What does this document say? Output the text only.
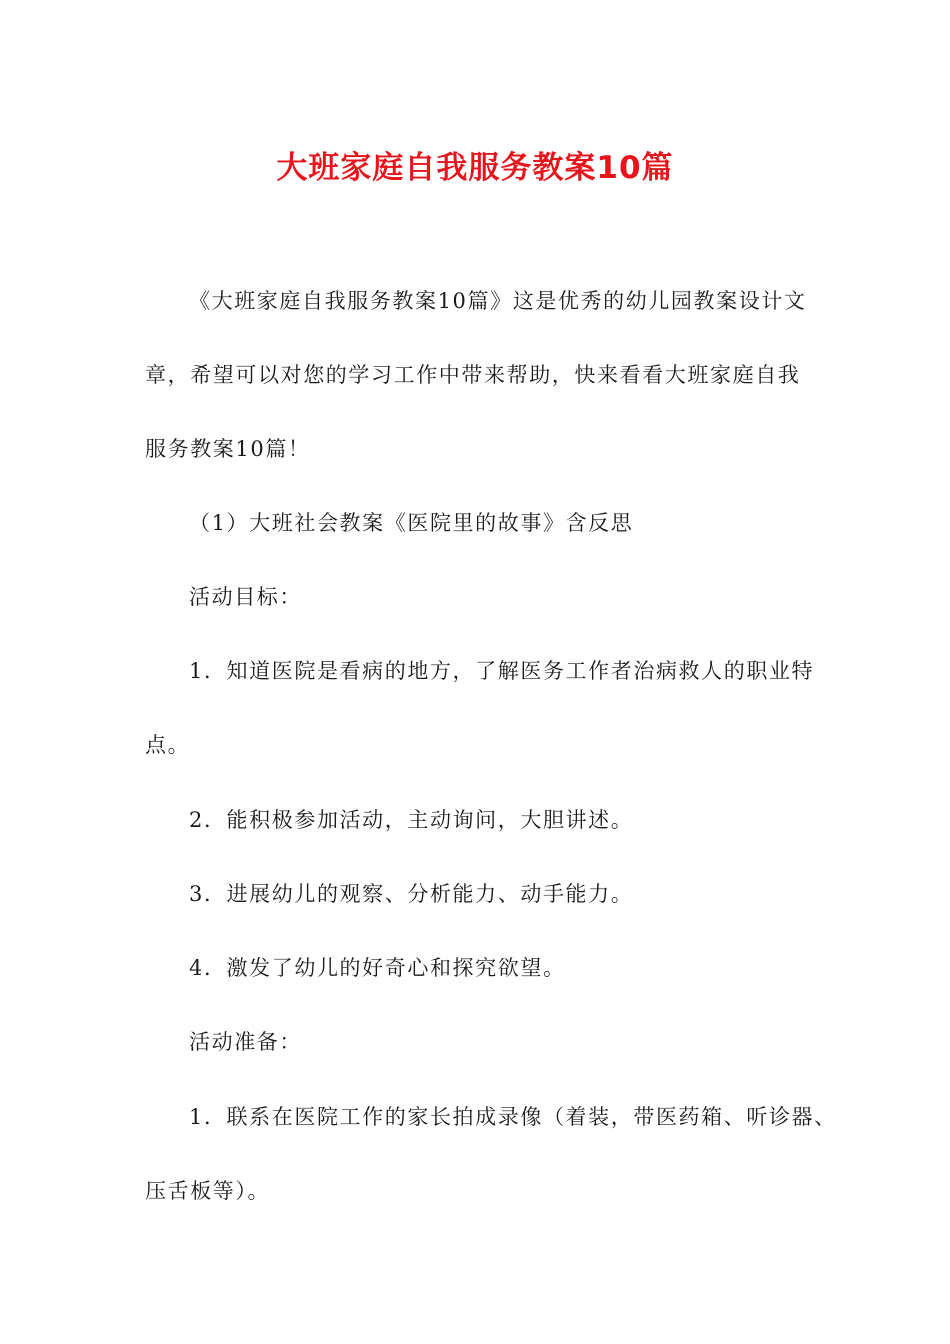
大班家庭自我服务教案10篇
《大班家庭自我服务教案10篇》这是优秀的幼儿园教案设计文
章，希望可以对您的学习工作中带来帮助，快来看看大班家庭自我
服务教案10篇！
（1）大班社会教案《医院里的故事》含反思
活动目标：
1．知道医院是看病的地方，了解医务工作者治病救人的职业特
点。
2．能积极参加活动，主动询问，大胆讲述。
3．进展幼儿的观察、分析能力、动手能力。
4．激发了幼儿的好奇心和探究欲望。
活动准备：
1．联系在医院工作的家长拍成录像（着装，带医药箱、听诊器、
压舌板等）。
